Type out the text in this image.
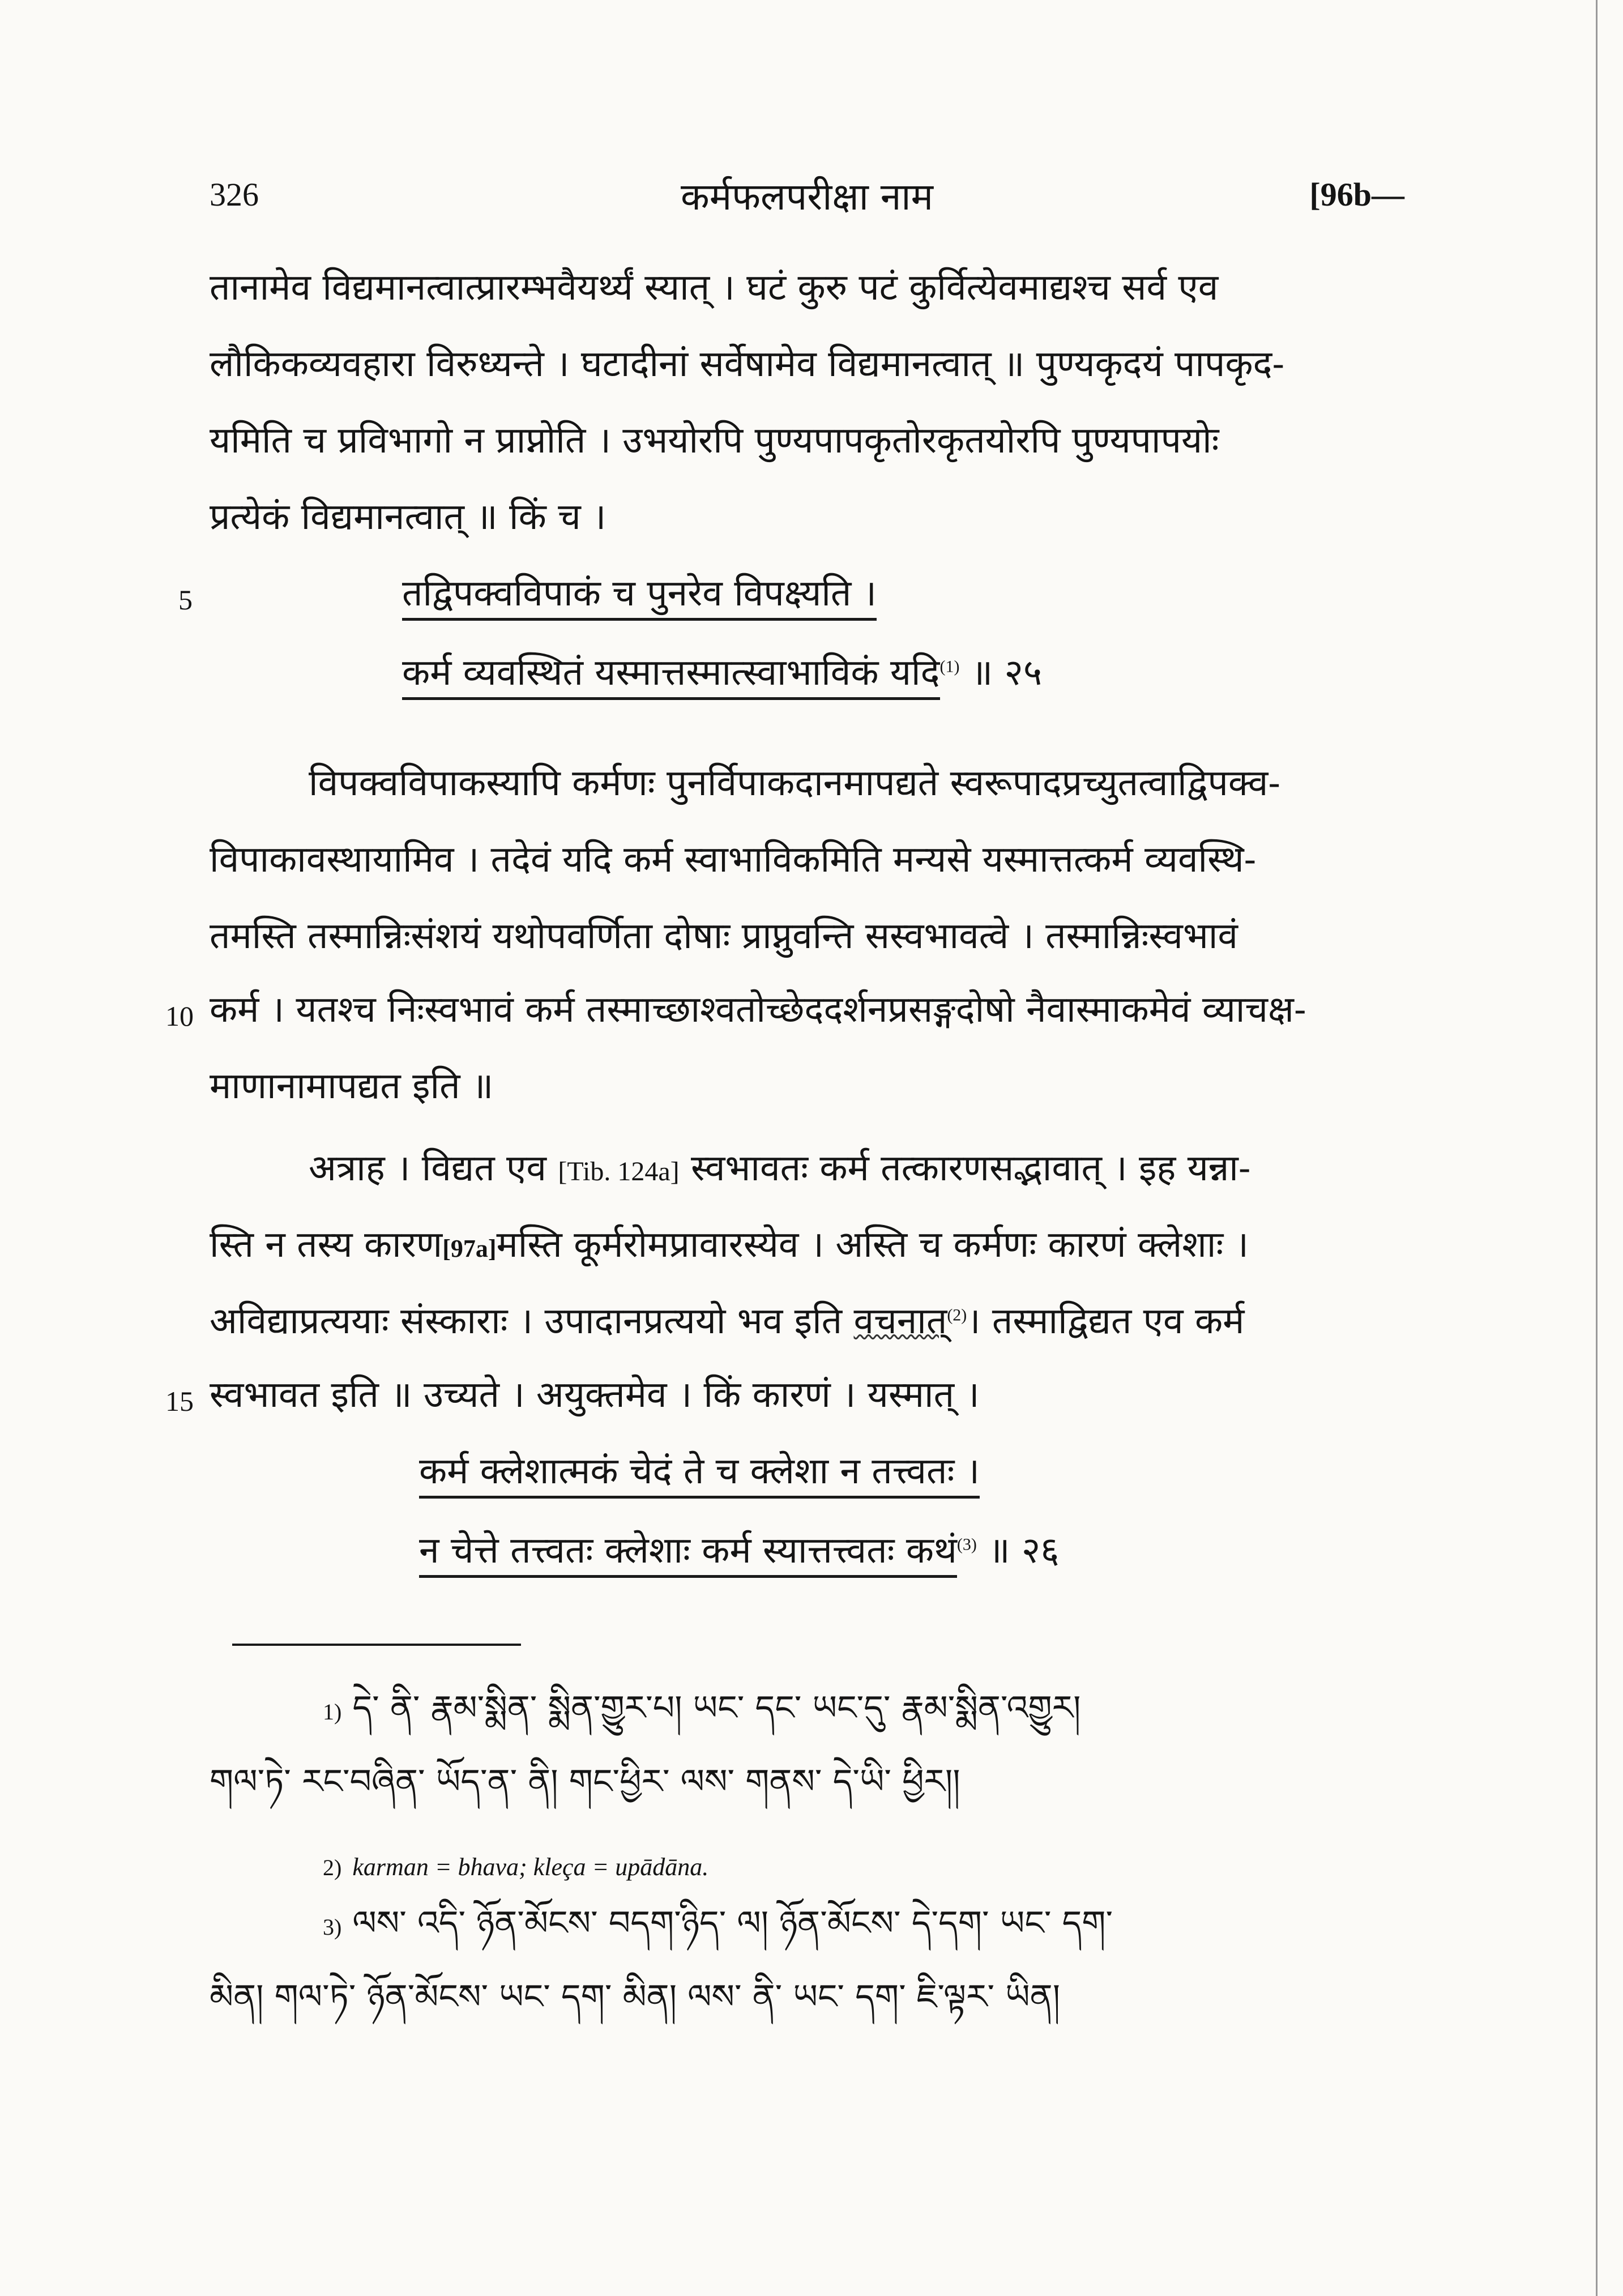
326	कर्मफलपरीक्षा नाम	[96b—
तानामेव विद्यमानत्वात्प्रारम्भवैयर्थ्यं स्यात् । घटं कुरु पटं कुर्वित्येवमाद्यश्च सर्व एव
लौकिकव्यवहारा विरुध्यन्ते । घटादीनां सर्वेषामेव विद्यमानत्वात् ॥ पुण्यकृदयं पापकृद-
यमिति च प्रविभागो न प्राप्नोति । उभयोरपि पुण्यपापकृतोरकृतयोरपि पुण्यपापयोः
प्रत्येकं विद्यमानत्वात् ॥ किं च ।
5	तद्विपक्वविपाकं च पुनरेव विपक्ष्यति ।
कर्म व्यवस्थितं यस्मात्तस्मात्स्वाभाविकं यदि$^{(1)}$ ॥ २५
विपक्वविपाकस्यापि कर्मणः पुनर्विपाकदानमापद्यते स्वरूपादप्रच्युतत्वाद्विपक्व-
विपाकावस्थायामिव । तदेवं यदि कर्म स्वाभाविकमिति मन्यसे यस्मात्तत्कर्म व्यवस्थि-
तमस्ति तस्मान्निःसंशयं यथोपवर्णिता दोषाः प्राप्नुवन्ति सस्वभावत्वे । तस्मान्निःस्वभावं
10 कर्म । यतश्च निःस्वभावं कर्म तस्माच्छाश्वतोच्छेददर्शनप्रसङ्गदोषो नैवास्माकमेवं व्याचक्ष-
माणानामापद्यत इति ॥
अत्राह । विद्यत एव [Tib. 124a] स्वभावतः कर्म तत्कारणसद्भावात् । इह यन्ना-
स्ति न तस्य कारण[97a]मस्ति कूर्मरोमप्रावारस्येव । अस्ति च कर्मणः कारणं क्लेशाः ।
अविद्याप्रत्ययाः संस्काराः । उपादानप्रत्ययो भव इति वचनात्$^{(2)}$। तस्माद्विद्यत एव कर्म
15 स्वभावत इति ॥ उच्यते । अयुक्तमेव । किं कारणं । यस्मात् ।
कर्म क्लेशात्मकं चेदं ते च क्लेशा न तत्त्वतः ।
न चेत्ते तत्त्वतः क्लेशाः कर्म स्यात्तत्त्वतः कथं$^{(3)}$ ॥ २६
1) དེ་ ནི་ རྣམ་སྨིན་ སྨིན་གྱུར་པ། ཡང་ དང་ ཡང་དུ་ རྣམ་སྨིན་འགྱུར།
གལ་ཏེ་ རང་བཞིན་ ཡོད་ན་ ནི། གང་ཕྱིར་ ལས་ གནས་ དེ་ཡི་ ཕྱིར།།
2) karman = bhava; kleça = upādāna.
3) ལས་ འདི་ ཉོན་མོངས་ བདག་ཉིད་ ལ། ཉོན་མོངས་ དེ་དག་ ཡང་ དག་
མིན། གལ་ཏེ་ ཉོན་མོངས་ ཡང་ དག་ མིན། ལས་ ནི་ ཡང་ དག་ ཇི་ལྟར་ ཡིན།
